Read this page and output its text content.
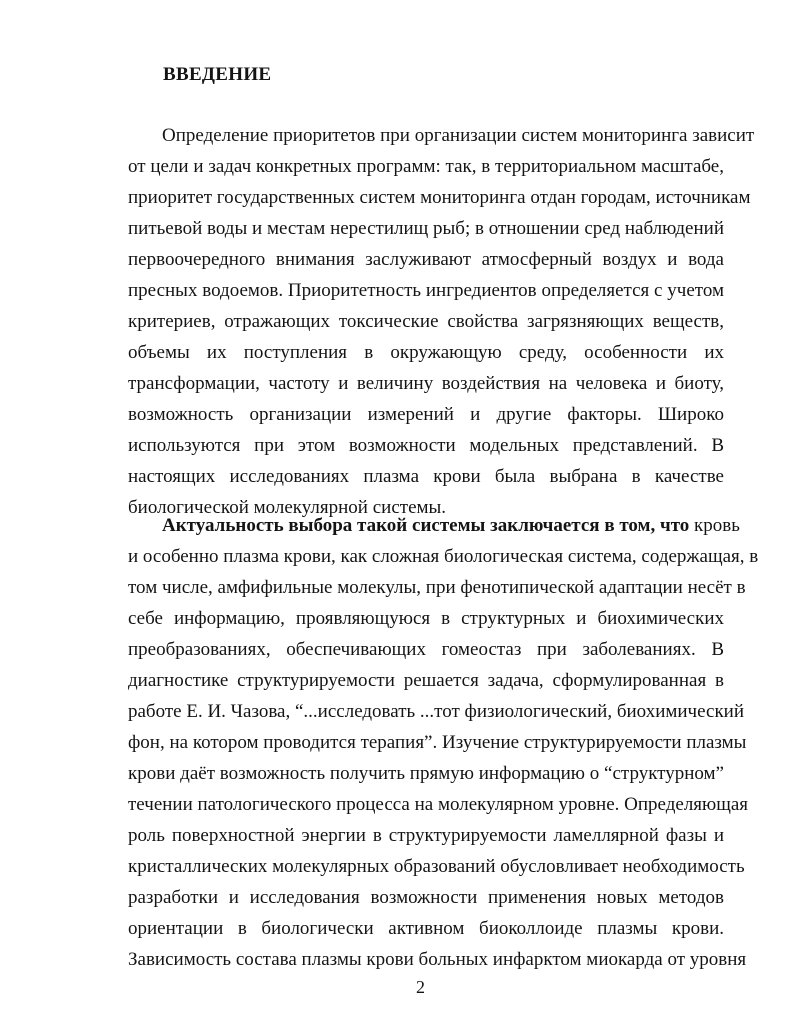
ВВЕДЕНИЕ
Определение приоритетов при организации систем мониторинга зависит
от цели и задач конкретных программ: так, в территориальном масштабе,
приоритет государственных систем мониторинга отдан городам, источникам
питьевой воды и местам нерестилищ рыб; в отношении сред наблюдений
первоочередного внимания заслуживают атмосферный воздух и вода
пресных водоемов. Приоритетность ингредиентов определяется с учетом
критериев, отражающих токсические свойства загрязняющих веществ,
объемы их поступления в окружающую среду, особенности их
трансформации, частоту и величину воздействия на человека и биоту,
возможность организации измерений и другие факторы. Широко
используются при этом возможности модельных представлений. В
настоящих исследованиях плазма крови была выбрана в качестве
биологической молекулярной системы.
Актуальность выбора такой системы заключается в том, что кровь
и особенно плазма крови, как сложная биологическая система, содержащая, в
том числе, амфифильные молекулы, при фенотипической адаптации несёт в
себе информацию, проявляющуюся в структурных и биохимических
преобразованиях, обеспечивающих гомеостаз при заболеваниях. В
диагностике структурируемости решается задача, сформулированная в
работе Е. И. Чазова, “...исследовать ...тот физиологический, биохимический
фон, на котором проводится терапия”. Изучение структурируемости плазмы
крови даёт возможность получить прямую информацию о “структурном”
течении патологического процесса на молекулярном уровне. Определяющая
роль поверхностной энергии в структурируемости ламеллярной фазы и
кристаллических молекулярных образований обусловливает необходимость
разработки и исследования возможности применения новых методов
ориентации в биологически активном биоколлоиде плазмы крови.
Зависимость состава плазмы крови больных инфарктом миокарда от уровня
2
